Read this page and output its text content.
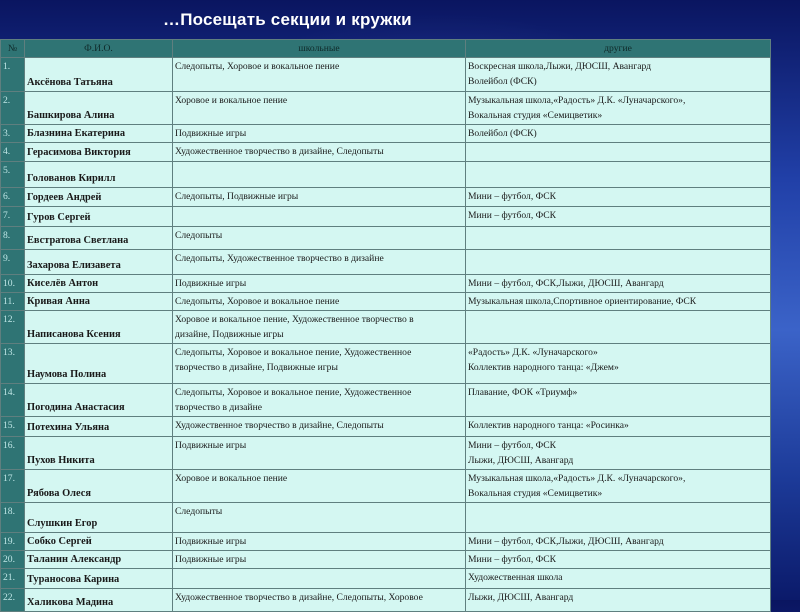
…Посещать секции и кружки
№	Ф.И.О.	школьные	другие
1.	Аксёнова Татьяна	Следопыты, Хоровое и вокальное пение	Воскресная школа,Лыжи, ДЮСШ, Авангард
Волейбол (ФСК)
2.	Башкирова Алина	Хоровое и вокальное пение	Музыкальная школа,«Радость» Д.К. «Луначарского»,
Вокальная студия «Семицветик»
3.	Блазнина Екатерина	Подвижные игры	Волейбол (ФСК)
4.	Герасимова Виктория	Художественное творчество в дизайне, Следопыты	
5.	Голованов Кирилл		
6.	Гордеев Андрей	Следопыты, Подвижные игры	Мини – футбол, ФСК
7.	Гуров Сергей		Мини – футбол, ФСК
8.	Евстратова Светлана	Следопыты	
9.	Захарова Елизавета	Следопыты, Художественное творчество в дизайне	
10.	Киселёв Антон	Подвижные игры	Мини – футбол, ФСК,Лыжи, ДЮСШ, Авангард
11.	Кривая Анна	Следопыты, Хоровое и вокальное пение	Музыкальная школа,Спортивное ориентирование, ФСК
12.	Написанова Ксения	Хоровое и вокальное пение, Художественное творчество в
дизайне, Подвижные игры	
13.	Наумова Полина	Следопыты, Хоровое и вокальное пение, Художественное
творчество в дизайне, Подвижные игры	«Радость» Д.К. «Луначарского»
Коллектив народного танца: «Джем»
14.	Погодина Анастасия	Следопыты, Хоровое и вокальное пение, Художественное
творчество в дизайне	Плавание, ФОК «Триумф»
15.	Потехина Ульяна	Художественное творчество в дизайне, Следопыты	Коллектив народного танца: «Росинка»
16.	Пухов Никита	Подвижные игры	Мини – футбол, ФСК
Лыжи, ДЮСШ, Авангард
17.	Рябова Олеся	Хоровое и вокальное пение	Музыкальная школа,«Радость» Д.К. «Луначарского»,
Вокальная студия «Семицветик»
18.	Слушкин Егор	Следопыты	
19.	Собко Сергей	Подвижные игры	Мини – футбол, ФСК,Лыжи, ДЮСШ, Авангард
20.	Таланин Александр	Подвижные игры	Мини – футбол, ФСК
21.	Тураносова Карина		Художественная школа
22.	Халикова Мадина	Художественное творчество в дизайне, Следопыты, Хоровое	Лыжи, ДЮСШ, Авангард
